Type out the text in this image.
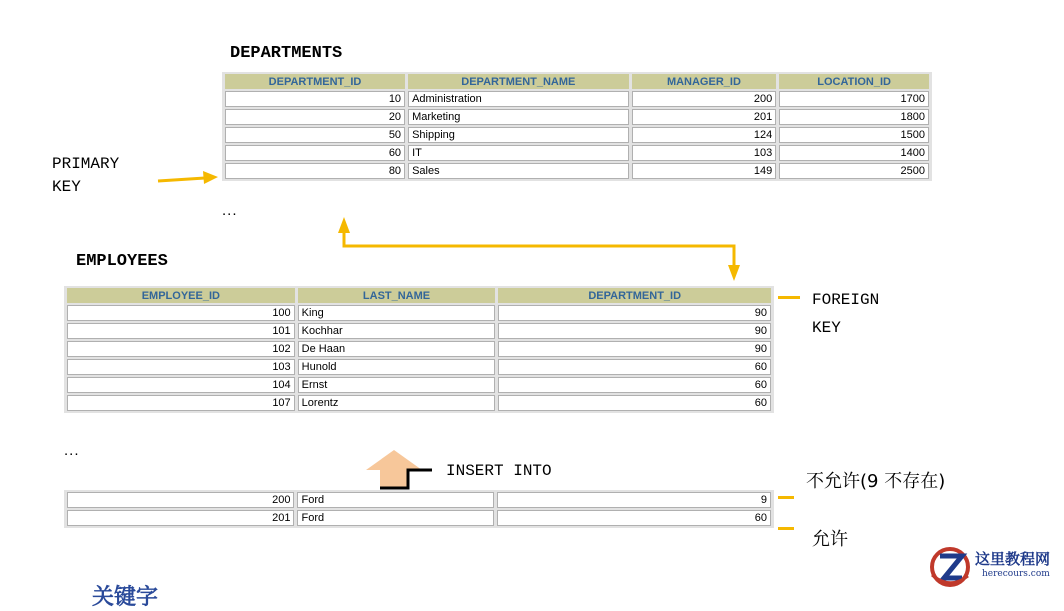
DEPARTMENTS
DEPARTMENT_ID	DEPARTMENT_NAME	MANAGER_ID	LOCATION_ID
10	Administration	200	1700
20	Marketing	201	1800
50	Shipping	124	1500
60	IT	103	1400
80	Sales	149	2500
...
PRIMARY
KEY
EMPLOYEES
EMPLOYEE_ID	LAST_NAME	DEPARTMENT_ID
100	King	90
101	Kochhar	90
102	De Haan	90
103	Hunold	60
104	Ernst	60
107	Lorentz	60
...
FOREIGN
KEY
INSERT INTO
200	Ford	9
201	Ford	60
不允许(9 不存在)
允许
这里教程网
herecours.com
关键字
